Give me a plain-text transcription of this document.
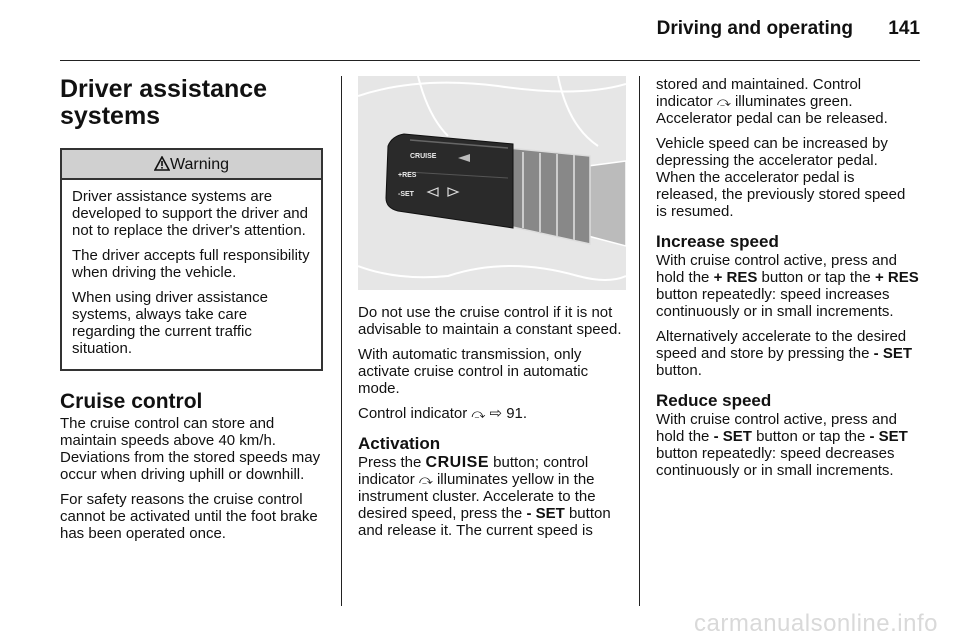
Driving and operating 141
Driver assistance
systems
Warning

Driver assistance systems are developed to support the driver and not to replace the driver's attention.

The driver accepts full responsibility when driving the vehicle.

When using driver assistance systems, always take care regarding the current traffic situation.

Cruise control

The cruise control can store and maintain speeds above 40 km/h. Deviations from the stored speeds may occur when driving uphill or downhill.

For safety reasons the cruise control cannot be activated until the foot brake has been operated once.

CRUISE
+RES
-SET

Do not use the cruise control if it is not advisable to maintain a constant speed.

With automatic transmission, only activate cruise control in automatic mode.

Control indicator ⤼ ⇨ 91.

Activation

Press the CRUISE button; control indicator ⤼ illuminates yellow in the instrument cluster. Accelerate to the desired speed, press the - SET button and release it. The current speed is

stored and maintained. Control indicator ⤼ illuminates green. Accelerator pedal can be released.

Vehicle speed can be increased by depressing the accelerator pedal. When the accelerator pedal is released, the previously stored speed is resumed.

Increase speed

With cruise control active, press and hold the + RES button or tap the + RES button repeatedly: speed increases continuously or in small increments.

Alternatively accelerate to the desired speed and store by pressing the - SET button.

Reduce speed

With cruise control active, press and hold the - SET button or tap the - SET button repeatedly: speed decreases continuously or in small increments.

carmanualsonline.info
